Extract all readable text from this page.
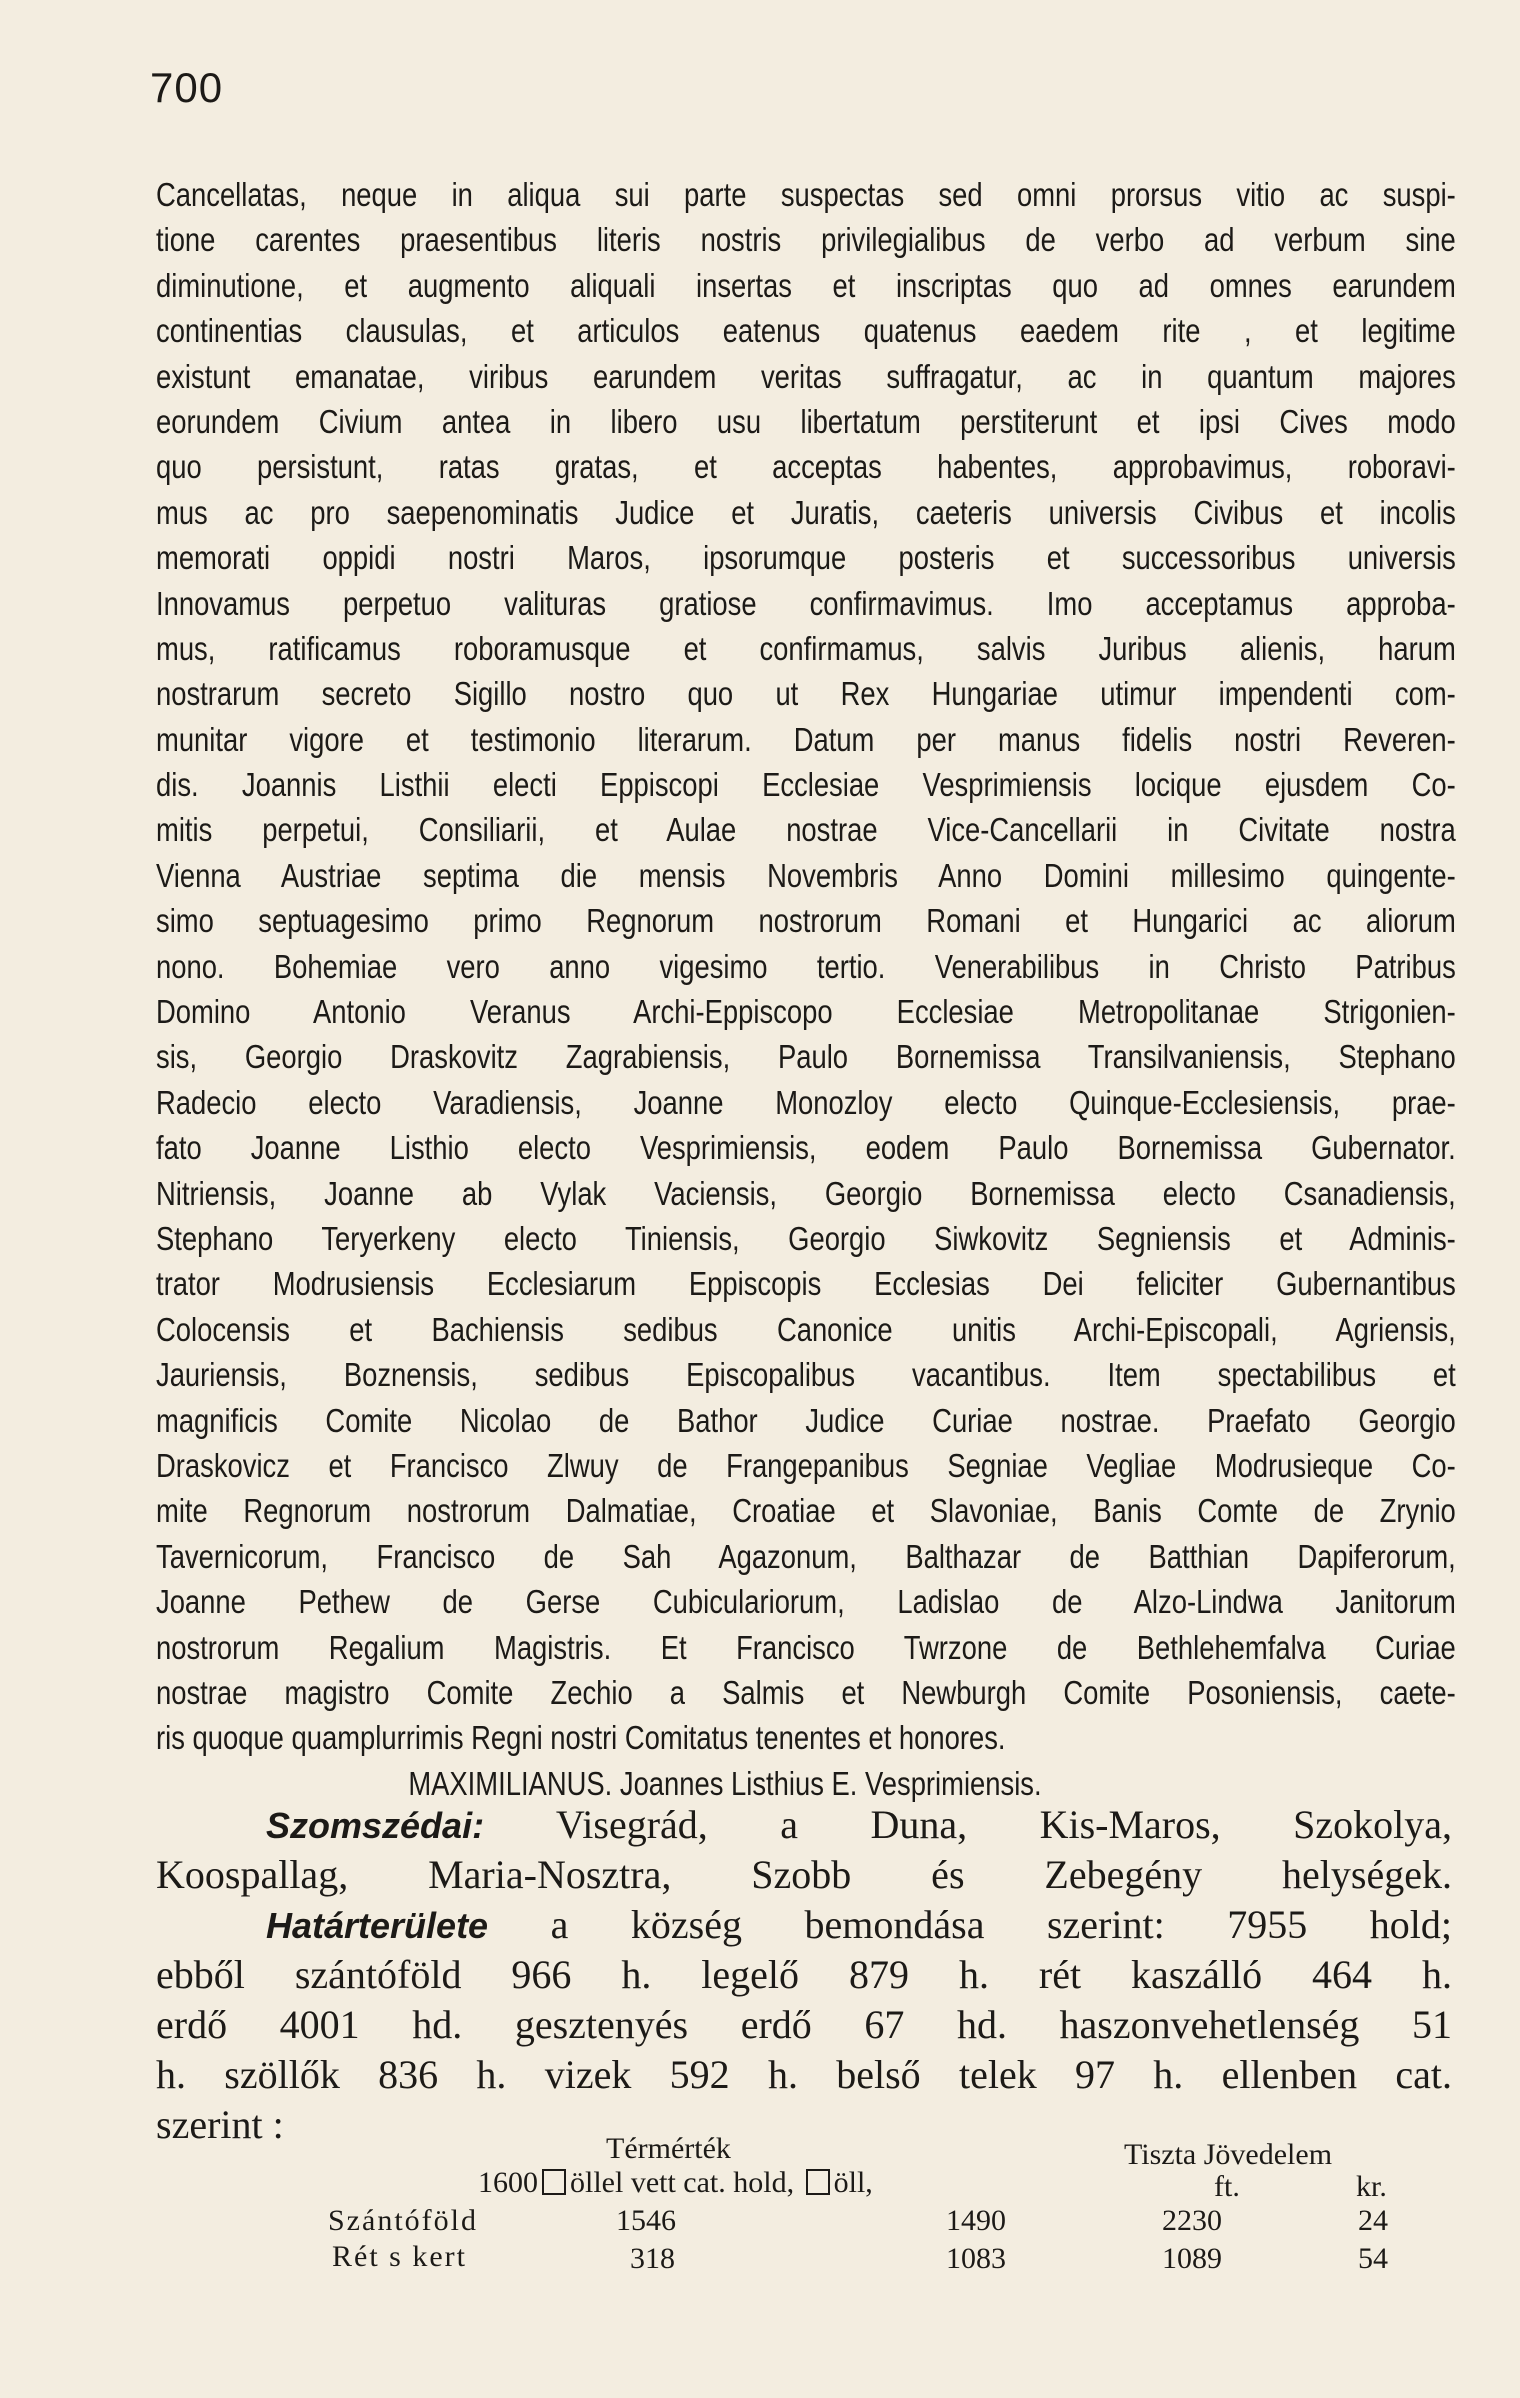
700
Cancellatas, neque in aliqua sui parte suspectas sed omni prorsus vitio ac suspi-
tione carentes praesentibus literis nostris privilegialibus de verbo ad verbum sine
diminutione, et augmento aliquali insertas et inscriptas quo ad omnes earundem
continentias clausulas, et articulos eatenus quatenus eaedem rite , et legitime
existunt emanatae, viribus earundem veritas suffragatur, ac in quantum majores
eorundem Civium antea in libero usu libertatum perstiterunt et ipsi Cives modo
quo persistunt, ratas gratas, et acceptas habentes, approbavimus, roboravi-
mus ac pro saepenominatis Judice et Juratis, caeteris universis Civibus et incolis
memorati oppidi nostri Maros, ipsorumque posteris et successoribus universis
Innovamus perpetuo valituras gratiose confirmavimus. Imo acceptamus approba-
mus, ratificamus roboramusque et confirmamus, salvis Juribus alienis, harum
nostrarum secreto Sigillo nostro quo ut Rex Hungariae utimur impendenti com-
munitar vigore et testimonio literarum. Datum per manus fidelis nostri Reveren-
dis. Joannis Listhii electi Eppiscopi Ecclesiae Vesprimiensis locique ejusdem Co-
mitis perpetui, Consiliarii, et Aulae nostrae Vice-Cancellarii in Civitate nostra
Vienna Austriae septima die mensis Novembris Anno Domini millesimo quingente-
simo septuagesimo primo Regnorum nostrorum Romani et Hungarici ac aliorum
nono. Bohemiae vero anno vigesimo tertio. Venerabilibus in Christo Patribus
Domino Antonio Veranus Archi-Eppiscopo Ecclesiae Metropolitanae Strigonien-
sis, Georgio Draskovitz Zagrabiensis, Paulo Bornemissa Transilvaniensis, Stephano
Radecio electo Varadiensis, Joanne Monozloy electo Quinque-Ecclesiensis, prae-
fato Joanne Listhio electo Vesprimiensis, eodem Paulo Bornemissa Gubernator.
Nitriensis, Joanne ab Vylak Vaciensis, Georgio Bornemissa electo Csanadiensis,
Stephano Teryerkeny electo Tiniensis, Georgio Siwkovitz Segniensis et Adminis-
trator Modrusiensis Ecclesiarum Eppiscopis Ecclesias Dei feliciter Gubernantibus
Colocensis et Bachiensis sedibus Canonice unitis Archi-Episcopali, Agriensis,
Jauriensis, Boznensis, sedibus Episcopalibus vacantibus. Item spectabilibus et
magnificis Comite Nicolao de Bathor Judice Curiae nostrae. Praefato Georgio
Draskovicz et Francisco Zlwuy de Frangepanibus Segniae Vegliae Modrusieque Co-
mite Regnorum nostrorum Dalmatiae, Croatiae et Slavoniae, Banis Comte de Zrynio
Tavernicorum, Francisco de Sah Agazonum, Balthazar de Batthian Dapiferorum,
Joanne Pethew de Gerse Cubiculariorum, Ladislao de Alzo-Lindwa Janitorum
nostrorum Regalium Magistris. Et Francisco Twrzone de Bethlehemfalva Curiae
nostrae magistro Comite Zechio a Salmis et Newburgh Comite Posoniensis, caete-
ris quoque quamplurrimis Regni nostri Comitatus tenentes et honores.
MAXIMILIANUS. Joannes Listhius E. Vesprimiensis.
Szomszédai: Visegrád, a Duna, Kis-Maros, Szokolya,
Koospallag, Maria-Nosztra, Szobb és Zebegény helységek.
Határterülete a község bemondása szerint: 7955 hold;
ebből szántóföld 966 h. legelő 879 h. rét kaszálló 464 h.
erdő 4001 hd. gesztenyés erdő 67 hd. haszonvehetlenség 51
h. szöllők 836 h. vizek 592 h. belső telek 97 h. ellenben cat.
szerint :
Térmérték	Tiszta Jövedelem
1600 öllel vett cat. hold, öll,	ft.	kr.
Szántóföld	1546	1490	2230	24
Rét s kert	318	1083	1089	54
